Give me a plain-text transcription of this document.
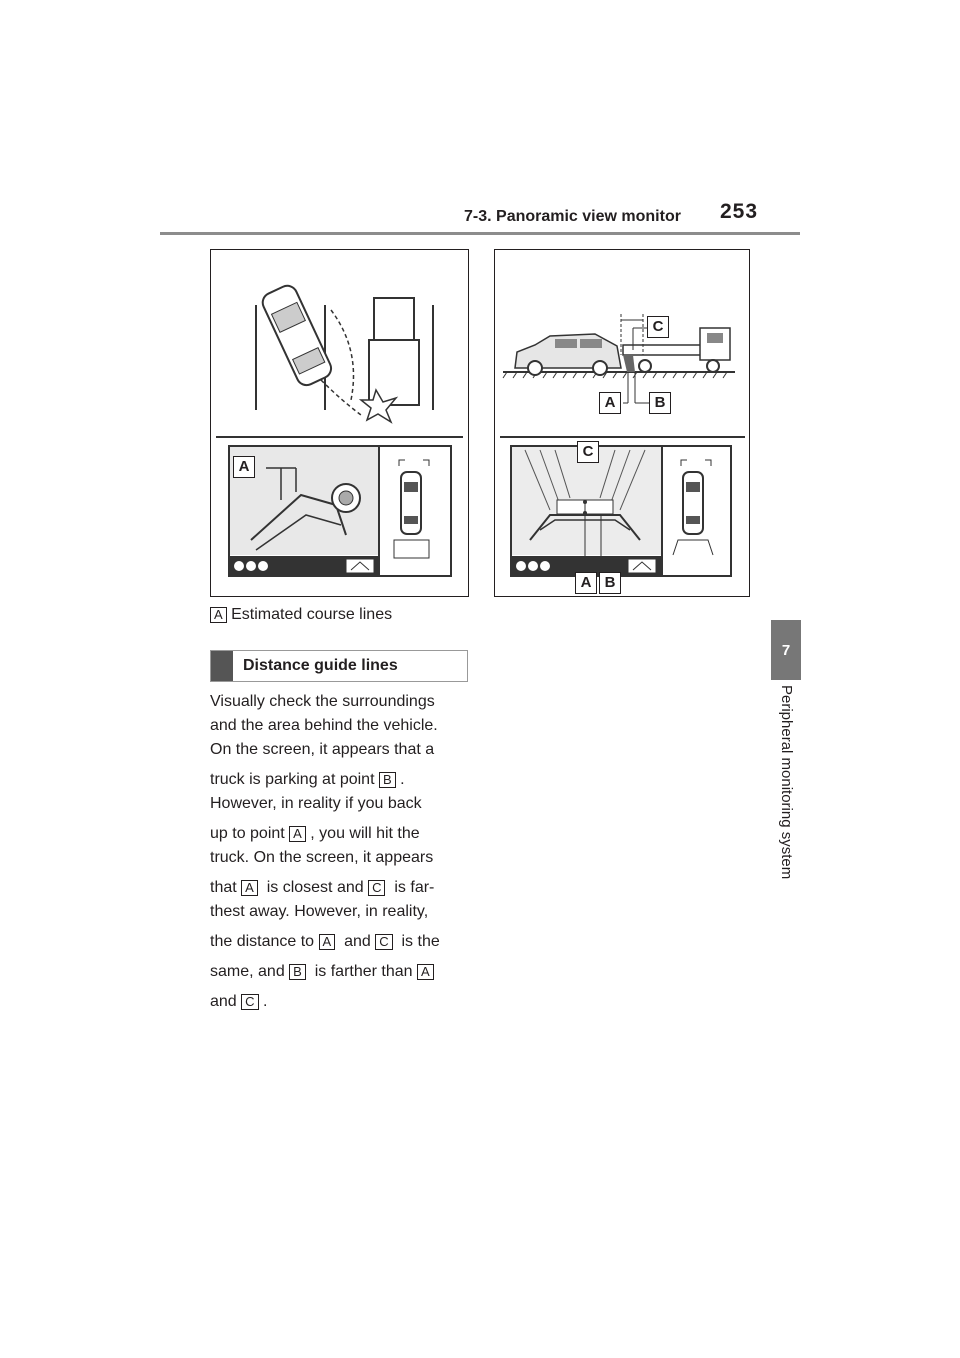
7-3. Panoramic view monitor 253
7
Peripheral monitoring system
A
C
A	B
C
A B
A Estimated course lines
Distance guide lines

Visually check the surroundings

and the area behind the vehicle.

On the screen, it appears that a

truck is parking at point B .

However, in reality if you back

up to point A , you will hit the

truck. On the screen, it appears

that A  is closest and C  is far-

thest away. However, in reality,

the distance to A  and C  is the

same, and B  is farther than A

and C .
